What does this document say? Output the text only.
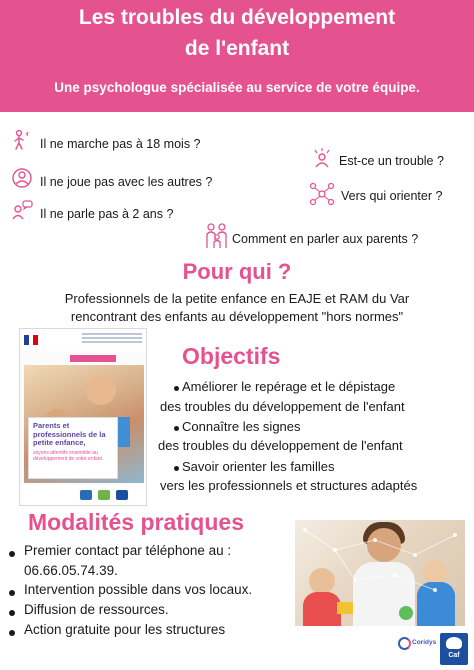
Les troubles du développement
de l'enfant
Une psychologue spécialisée au service de votre équipe.
Il ne marche pas à 18 mois ?
Il ne joue pas avec les autres ?
Il ne parle pas à 2 ans ?
Est-ce un trouble ?
Vers qui orienter ?
Comment en parler aux parents ?
Pour qui ?
Professionnels de la petite enfance en EAJE et RAM du Var
rencontrant des enfants au développement "hors normes"
Parents et professionnels de la petite enfance,
soyons attentifs ensemble au développement de votre enfant.
Objectifs
Améliorer le repérage et le dépistage
des troubles du développement de l'enfant
Connaître les signes
des troubles du développement de l'enfant
Savoir orienter les familles
vers les professionnels et structures adaptés
Modalités pratiques
Premier contact par téléphone au :
06.66.05.74.39.
Intervention possible dans vos locaux.
Diffusion de ressources.
Action gratuite pour les structures
Coridys
Caf
